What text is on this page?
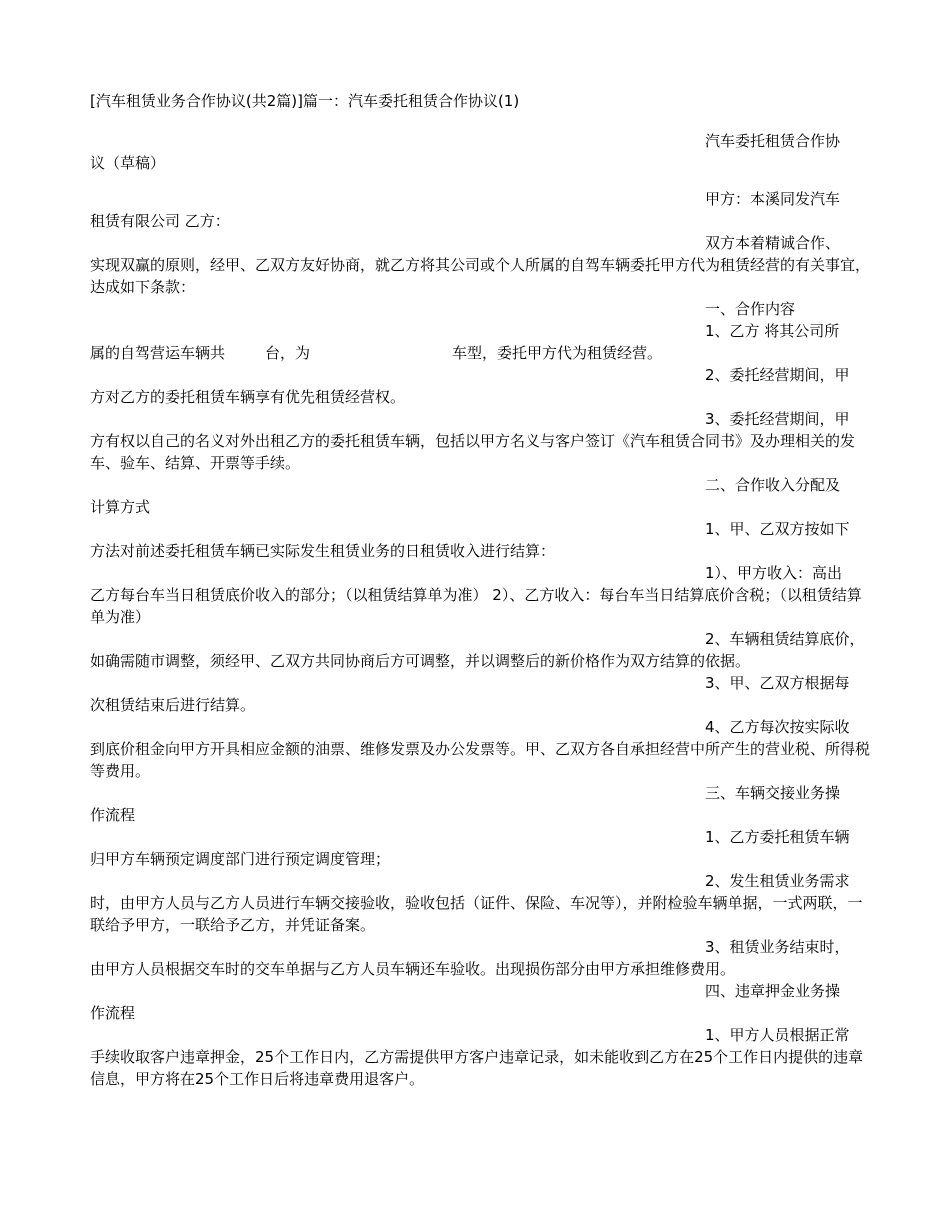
[汽车租赁业务合作协议(共2篇)]篇一：汽车委托租赁合作协议(1)

汽车委托租赁合作协
议（草稿）

甲方：本溪同发汽车
租赁有限公司 乙方：

双方本着精诚合作、
实现双赢的原则，经甲、乙双方友好协商，就乙方将其公司或个人所属的自驾车辆委托甲方代为租赁经营的有关事宜，达成如下条款：

一、合作内容

1、乙方 将其公司所
属的自驾营运车辆共	台，为	车型，委托甲方代为租赁经营。

2、委托经营期间，甲
方对乙方的委托租赁车辆享有优先租赁经营权。

3、委托经营期间，甲
方有权以自己的名义对外出租乙方的委托租赁车辆，包括以甲方名义与客户签订《汽车租赁合同书》及办理相关的发车、验车、结算、开票等手续。

二、合作收入分配及
计算方式

1、甲、乙双方按如下
方法对前述委托租赁车辆已实际发生租赁业务的日租赁收入进行结算：

1）、甲方收入：高出
乙方每台车当日租赁底价收入的部分；（以租赁结算单为准） 2）、乙方收入：每台车当日结算底价含税；（以租赁结算单为准）

2、车辆租赁结算底价，
如确需随市调整，须经甲、乙双方共同协商后方可调整，并以调整后的新价格作为双方结算的依据。

3、甲、乙双方根据每
次租赁结束后进行结算。

4、乙方每次按实际收
到底价租金向甲方开具相应金额的油票、维修发票及办公发票等。甲、乙双方各自承担经营中所产生的营业税、所得税等费用。

三、车辆交接业务操
作流程

1、乙方委托租赁车辆
归甲方车辆预定调度部门进行预定调度管理；

2、发生租赁业务需求
时，由甲方人员与乙方人员进行车辆交接验收，验收包括（证件、保险、车况等），并附检验车辆单据，一式两联，一联给予甲方，一联给予乙方，并凭证备案。

3、租赁业务结束时，
由甲方人员根据交车时的交车单据与乙方人员车辆还车验收。出现损伤部分由甲方承担维修费用。

四、违章押金业务操
作流程

1、甲方人员根据正常
手续收取客户违章押金，25个工作日内，乙方需提供甲方客户违章记录，如未能收到乙方在25个工作日内提供的违章信息，甲方将在25个工作日后将违章费用退客户。
